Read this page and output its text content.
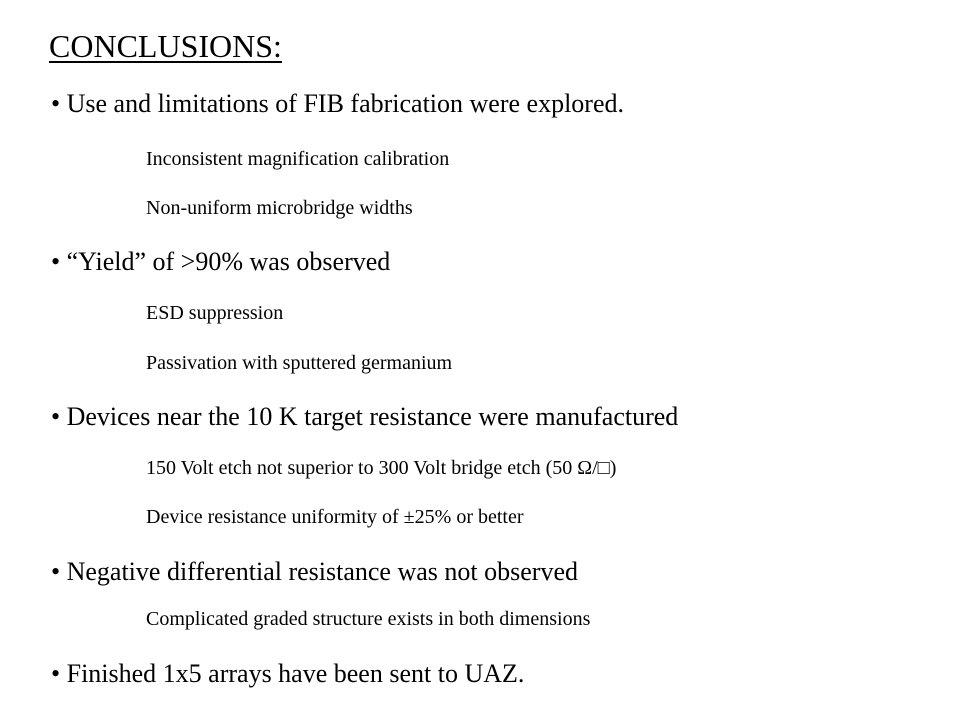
CONCLUSIONS:
• Use and limitations of FIB fabrication were explored.
Inconsistent magnification calibration
Non-uniform microbridge widths
• “Yield” of >90% was observed
ESD suppression
Passivation with sputtered germanium
• Devices near the 10 K target resistance were manufactured
150 Volt etch not superior to 300 Volt bridge etch (50 Ω/□)
Device resistance uniformity of ±25% or better
• Negative differential resistance was not observed
Complicated graded structure exists in both dimensions
• Finished 1x5 arrays have been sent to UAZ.
